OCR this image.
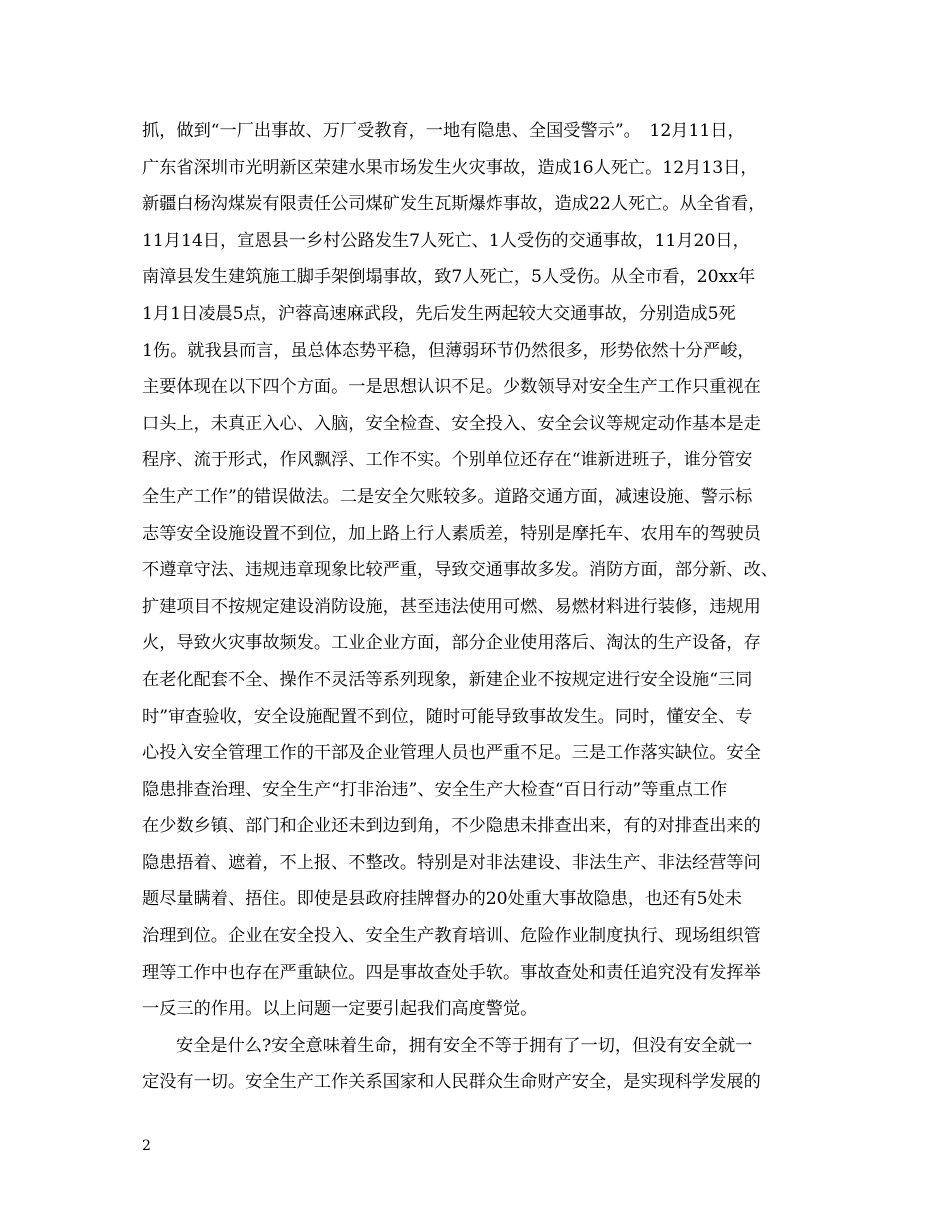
抓，做到“一厂出事故、万厂受教育，一地有隐患、全国受警示”。　12月11日，
广东省深圳市光明新区荣建水果市场发生火灾事故，造成16人死亡。12月13日，
新疆白杨沟煤炭有限责任公司煤矿发生瓦斯爆炸事故，造成22人死亡。从全省看，
11月14日，宣恩县一乡村公路发生7人死亡、1人受伤的交通事故，11月20日，
南漳县发生建筑施工脚手架倒塌事故，致7人死亡，5人受伤。从全市看，20xx年
1月1日凌晨5点，沪蓉高速麻武段，先后发生两起较大交通事故，分别造成5死
1伤。就我县而言，虽总体态势平稳，但薄弱环节仍然很多，形势依然十分严峻，
主要体现在以下四个方面。一是思想认识不足。少数领导对安全生产工作只重视在
口头上，未真正入心、入脑，安全检查、安全投入、安全会议等规定动作基本是走
程序、流于形式，作风飘浮、工作不实。个别单位还存在“谁新进班子，谁分管安
全生产工作”的错误做法。二是安全欠账较多。道路交通方面，减速设施、警示标
志等安全设施设置不到位，加上路上行人素质差，特别是摩托车、农用车的驾驶员
不遵章守法、违规违章现象比较严重，导致交通事故多发。消防方面，部分新、改、
扩建项目不按规定建设消防设施，甚至违法使用可燃、易燃材料进行装修，违规用
火，导致火灾事故频发。工业企业方面，部分企业使用落后、淘汰的生产设备，存
在老化配套不全、操作不灵活等系列现象，新建企业不按规定进行安全设施“三同
时”审查验收，安全设施配置不到位，随时可能导致事故发生。同时，懂安全、专
心投入安全管理工作的干部及企业管理人员也严重不足。三是工作落实缺位。安全
隐患排查治理、安全生产“打非治违”、安全生产大检查“百日行动”等重点工作
在少数乡镇、部门和企业还未到边到角，不少隐患未排查出来，有的对排查出来的
隐患捂着、遮着，不上报、不整改。特别是对非法建设、非法生产、非法经营等问
题尽量瞒着、捂住。即使是县政府挂牌督办的20处重大事故隐患，也还有5处未
治理到位。企业在安全投入、安全生产教育培训、危险作业制度执行、现场组织管
理等工作中也存在严重缺位。四是事故查处手软。事故查处和责任追究没有发挥举
一反三的作用。以上问题一定要引起我们高度警觉。
安全是什么?安全意味着生命，拥有安全不等于拥有了一切，但没有安全就一
定没有一切。安全生产工作关系国家和人民群众生命财产安全，是实现科学发展的
2
